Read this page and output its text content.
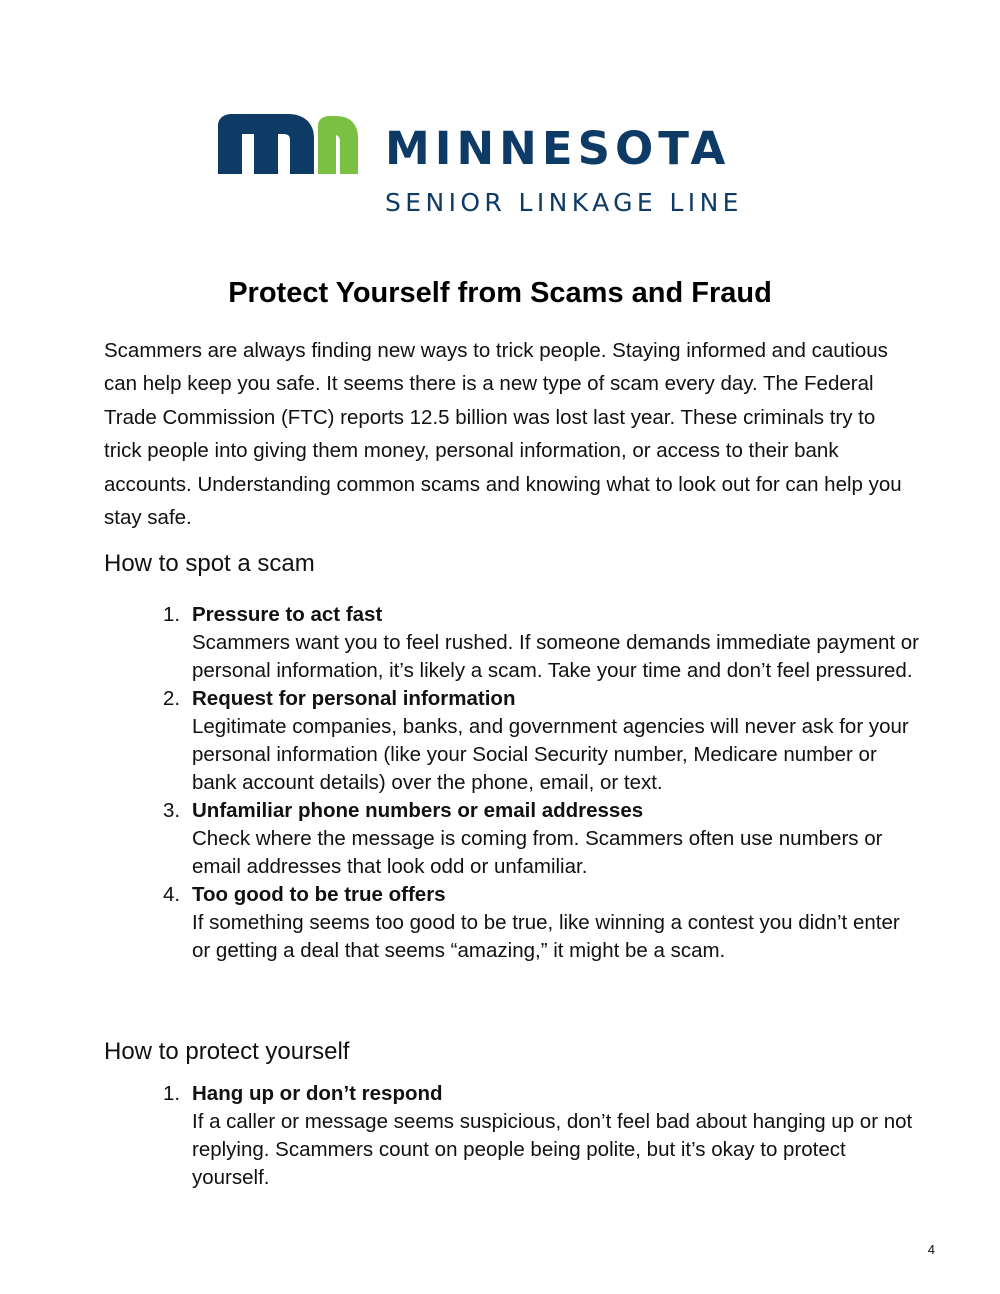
MINNESOTA
SENIOR LINKAGE LINE
Protect Yourself from Scams and Fraud

Scammers are always finding new ways to trick people. Staying informed and cautious can help keep you safe. It seems there is a new type of scam every day. The Federal Trade Commission (FTC) reports 12.5 billion was lost last year. These criminals try to trick people into giving them money, personal information, or access to their bank accounts. Understanding common scams and knowing what to look out for can help you stay safe.

How to spot a scam
1. Pressure to act fast
Scammers want you to feel rushed. If someone demands immediate payment or personal information, it’s likely a scam. Take your time and don’t feel pressured.
2. Request for personal information
Legitimate companies, banks, and government agencies will never ask for your personal information (like your Social Security number, Medicare number or bank account details) over the phone, email, or text.
3. Unfamiliar phone numbers or email addresses
Check where the message is coming from. Scammers often use numbers or email addresses that look odd or unfamiliar.
4. Too good to be true offers
If something seems too good to be true, like winning a contest you didn’t enter or getting a deal that seems “amazing,” it might be a scam.
How to protect yourself
1. Hang up or don’t respond
If a caller or message seems suspicious, don’t feel bad about hanging up or not replying. Scammers count on people being polite, but it’s okay to protect yourself.
4
